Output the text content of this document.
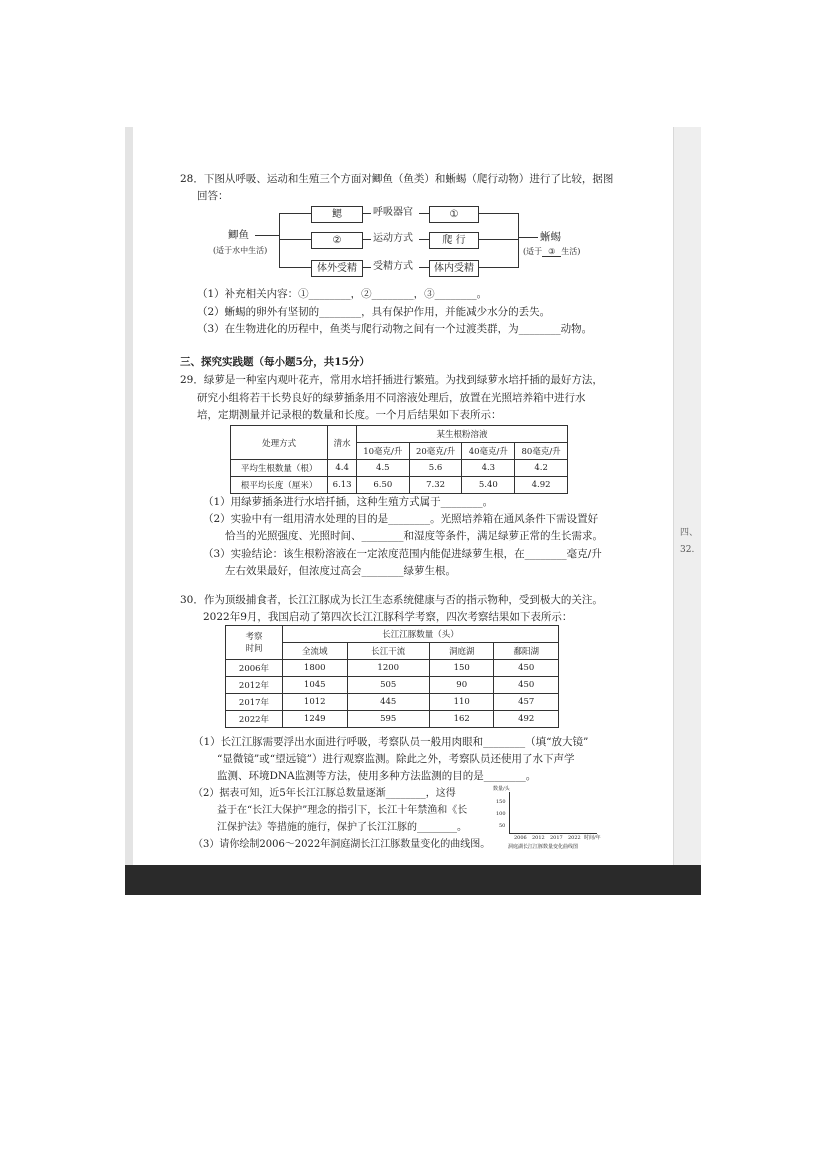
28．下图从呼吸、运动和生殖三个方面对鲫鱼（鱼类）和蜥蜴（爬行动物）进行了比较，据图
回答：
鲫鱼
(适于水中生活)
鳃
②
体外受精
呼吸器官
运动方式
受精方式
①
爬 行
体内受精
蜥蜴
(适于 ③ 生活)
（1）补充相关内容：①________，②________，③________。
（2）蜥蜴的卵外有坚韧的________，具有保护作用，并能减少水分的丢失。
（3）在生物进化的历程中，鱼类与爬行动物之间有一个过渡类群，为________动物。
三、探究实践题（每小题5分，共15分）
29．绿萝是一种室内观叶花卉，常用水培扦插进行繁殖。为找到绿萝水培扦插的最好方法，
研究小组将若干长势良好的绿萝插条用不同溶液处理后，放置在光照培养箱中进行水
培，定期测量并记录根的数量和长度。一个月后结果如下表所示：
处理方式	清水	某生根粉溶液			
		10毫克/升	20毫克/升	40毫克/升	80毫克/升
平均生根数量（根）	4.4	4.5	5.6	4.3	4.2
根平均长度（厘米）	6.13	6.50	7.32	5.40	4.92
（1）用绿萝插条进行水培扦插，这种生殖方式属于________。
（2）实验中有一组用清水处理的目的是________。光照培养箱在通风条件下需设置好
恰当的光照强度、光照时间、________和湿度等条件，满足绿萝正常的生长需求。
（3）实验结论：该生根粉溶液在一定浓度范围内能促进绿萝生根，在________毫克/升
左右效果最好，但浓度过高会________绿萝生根。
30．作为顶级捕食者，长江江豚成为长江生态系统健康与否的指示物种，受到极大的关注。
2022年9月，我国启动了第四次长江江豚科学考察，四次考察结果如下表所示：
考察
时间	长江江豚数量（头）			
	全流域	长江干流	洞庭湖	鄱阳湖
2006年	1800	1200	150	450
2012年	1045	505	90	450
2017年	1012	445	110	457
2022年	1249	595	162	492
（1）长江江豚需要浮出水面进行呼吸，考察队员一般用肉眼和________（填“放大镜”
“显微镜”或“望远镜”）进行观察监测。除此之外，考察队员还使用了水下声学
监测、环境DNA监测等方法，使用多种方法监测的目的是________。
（2）据表可知，近5年长江江豚总数量逐渐________，这得
益于在“长江大保护”理念的指引下，长江十年禁渔和《长
江保护法》等措施的施行，保护了长江江豚的________。
（3）请你绘制2006～2022年洞庭湖长江江豚数量变化的曲线图。
数量/头
150
100
50
2006 2012 2017 2022 时间/年
洞庭湖长江江豚数量变化曲线图
四、
32.
